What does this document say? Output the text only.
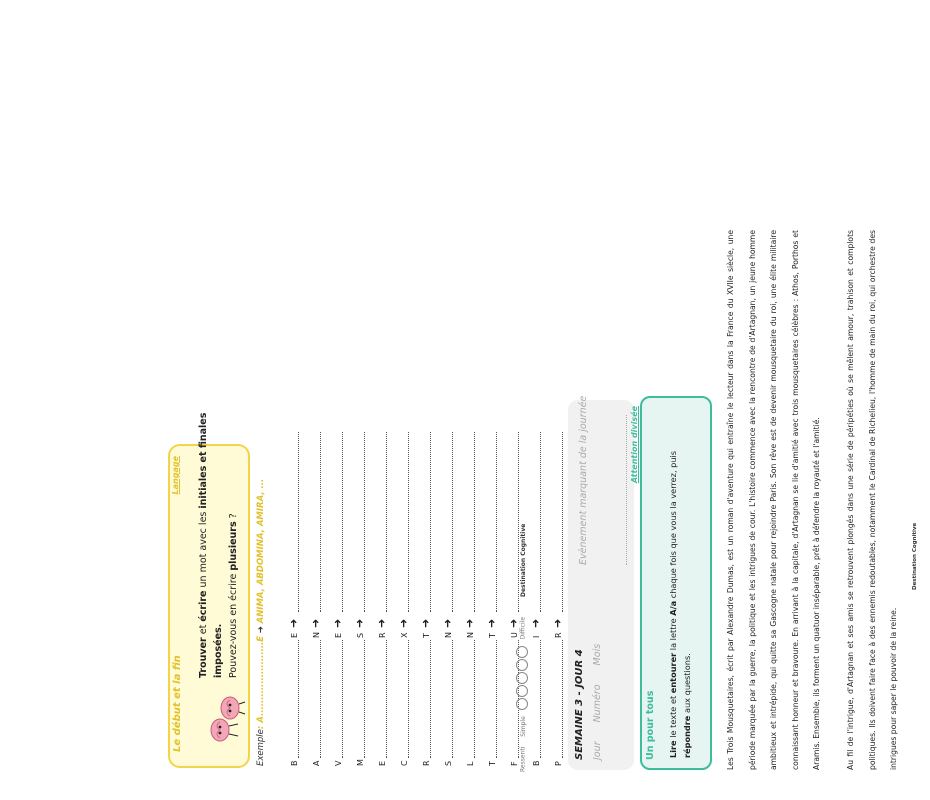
Le début et la fin
Langage
Trouver et écrire un mot avec les initiales et finales imposées. Pouvez-vous en écrire plusieurs ?
Exemple: A.......................E ➜ ANIMA, ABDOMINA, AMIRA, ...
B
E
➜
A
N
➜
V
E
➜
M
S
➜
E
R
➜
C
X
➜
R
T
➜
S
N
➜
L
N
➜
T
T
➜
F
U
➜
B
I
➜
P
R
➜
Ressenti Simple  Difficile Destination Cognitive
SEMAINE 3 - JOUR 4 Jour Numéro Mois
Evènement marquant de la journée	Attention divisée
Un pour tous Lire le texte et entourer la lettre A/a chaque fois que vous la verrez, puis répondre aux questions.	Les Trois Mousquetaires, écrit par Alexandre Dumas, est un roman d'aventure qui entraîne le lecteur dans la France du XVIIe siècle, une période marquée par la guerre, la politique et les intrigues de cour. L'histoire commence avec la rencontre de d'Artagnan, un jeune homme ambitieux et intrépide, qui quitte sa Gascogne natale pour rejoindre Paris. Son rêve est de devenir mousquetaire du roi, une élite militaire connaissant honneur et bravoure. En arrivant à la capitale, d'Artagnan se lie d'amitié avec trois mousquetaires célèbres : Athos, Porthos et Aramis. Ensemble, ils forment un quatuor inséparable, prêt à défendre la royauté et l'amitié.	Au fil de l'intrigue, d'Artagnan et ses amis se retrouvent plongés dans une série de péripéties où se mêlent amour, trahison et complots politiques. Ils doivent faire face à des ennemis redoutables, notamment le Cardinal de Richelieu, l'homme de main du roi, qui orchestre des intrigues pour saper le pouvoir de la reine.

Destination Cognitive
